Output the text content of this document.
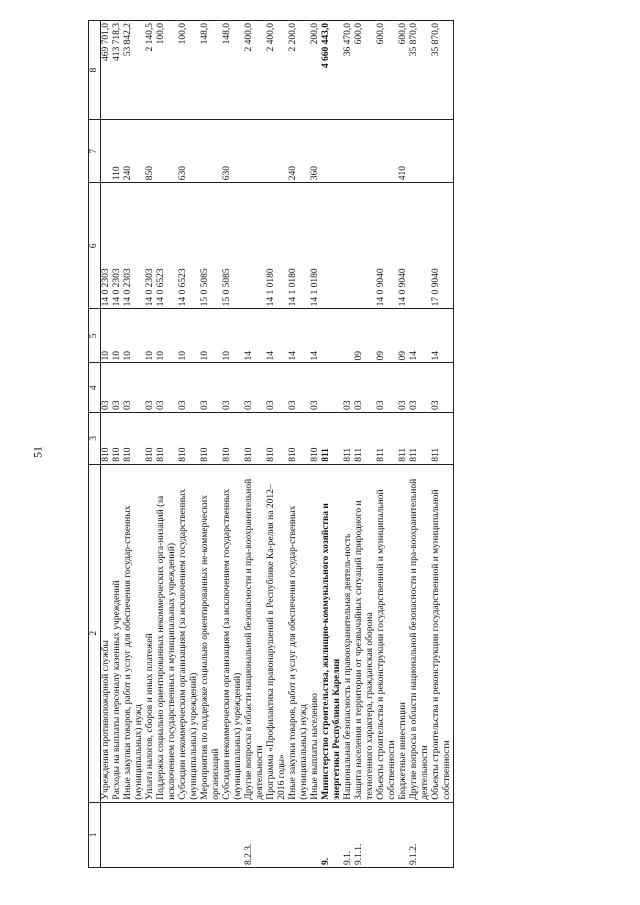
51
1	2	3	4	5	6	7	8
	Учреждения противопожарной службы	810	03	10	14 0 2303		469 701,0
	Расходы на выплаты персоналу казенных учреждений	810	03	10	14 0 2303	110	413 718,3
	Иные закупки товаров, работ и услуг для обеспечения государ-ственных (муниципальных) нужд	810	03	10	14 0 2303	240	53 842,2
	Уплата налогов, сборов и иных платежей	810	03	10	14 0 2303	850	2 140,5
	Поддержка социально ориентированных некоммерческих орга-низаций (за исключением государственных и муниципальных учреждений)	810	03	10	14 0 6523		100,0
	Субсидии некоммерческим организациям (за исключением государственных (муниципальных) учреждений)	810	03	10	14 0 6523	630	100,0
	Мероприятия по поддержке социально ориентированных не-коммерческих организаций	810	03	10	15 0 5085		148,0
	Субсидии некоммерческим организациям (за исключением государственных (муниципальных) учреждений)	810	03	10	15 0 5085	630	148,0
8.2.3.	Другие вопросы в области национальной безопасности и пра-воохранительной деятельности	810	03	14			2 400,0
	Программа «Профилактика правонарушений в Республике Ка-релия на 2012–2016 годы»	810	03	14	14 1 0180		2 400,0
	Иные закупки товаров, работ и услуг для обеспечения государ-ственных (муниципальных) нужд	810	03	14	14 1 0180	240	2 200,0
	Иные выплаты населению	810	03	14	14 1 0180	360	200,0
9.	Министерство строительства, жилищно-коммунального хозяйства и энергетики Республики Карелия	811					4 660 443,0
9.1.	Национальная безопасность и правоохранительная деятель-ность	811	03				36 470,0
9.1.1.	Защита населения и территории от чрезвычайных ситуаций природного и техногенного характера, гражданская оборона	811	03	09			600,0
	Объекты строительства и реконструкции государственной и муниципальной собственности	811	03	09	14 0 9040		600,0
	Бюджетные инвестиции	811	03	09	14 0 9040	410	600,0
9.1.2.	Другие вопросы в области национальной безопасности и пра-воохранительной деятельности	811	03	14			35 870,0
	Объекты строительства и реконструкции государственной и муниципальной собственности	811	03	14	17 0 9040		35 870,0
